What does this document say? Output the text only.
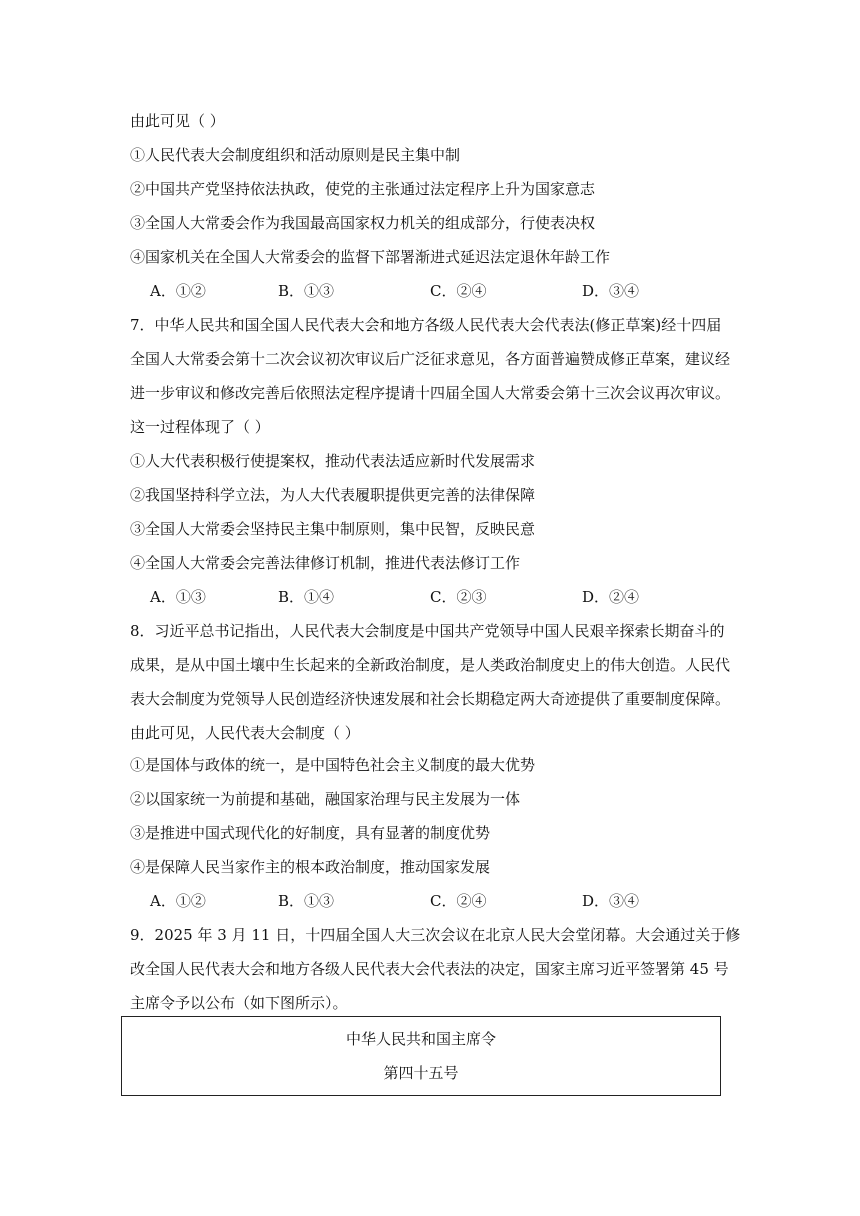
由此可见（ ）
①人民代表大会制度组织和活动原则是民主集中制
②中国共产党坚持依法执政，使党的主张通过法定程序上升为国家意志
③全国人大常委会作为我国最高国家权力机关的组成部分，行使表决权
④国家机关在全国人大常委会的监督下部署渐进式延迟法定退休年龄工作
A．①②	B．①③	C．②④	D．③④
7．中华人民共和国全国人民代表大会和地方各级人民代表大会代表法(修正草案)经十四届
全国人大常委会第十二次会议初次审议后广泛征求意见，各方面普遍赞成修正草案，建议经
进一步审议和修改完善后依照法定程序提请十四届全国人大常委会第十三次会议再次审议。
这一过程体现了（ ）
①人大代表积极行使提案权，推动代表法适应新时代发展需求
②我国坚持科学立法，为人大代表履职提供更完善的法律保障
③全国人大常委会坚持民主集中制原则，集中民智，反映民意
④全国人大常委会完善法律修订机制，推进代表法修订工作
A．①③	B．①④	C．②③	D．②④
8．习近平总书记指出，人民代表大会制度是中国共产党领导中国人民艰辛探索长期奋斗的
成果，是从中国土壤中生长起来的全新政治制度，是人类政治制度史上的伟大创造。人民代
表大会制度为党领导人民创造经济快速发展和社会长期稳定两大奇迹提供了重要制度保障。
由此可见，人民代表大会制度（ ）
①是国体与政体的统一，是中国特色社会主义制度的最大优势
②以国家统一为前提和基础，融国家治理与民主发展为一体
③是推进中国式现代化的好制度，具有显著的制度优势
④是保障人民当家作主的根本政治制度，推动国家发展
A．①②	B．①③	C．②④	D．③④
9．2025 年 3 月 11 日，十四届全国人大三次会议在北京人民大会堂闭幕。大会通过关于修
改全国人民代表大会和地方各级人民代表大会代表法的决定，国家主席习近平签署第 45 号
主席令予以公布（如下图所示）。
中华人民共和国主席令
第四十五号
